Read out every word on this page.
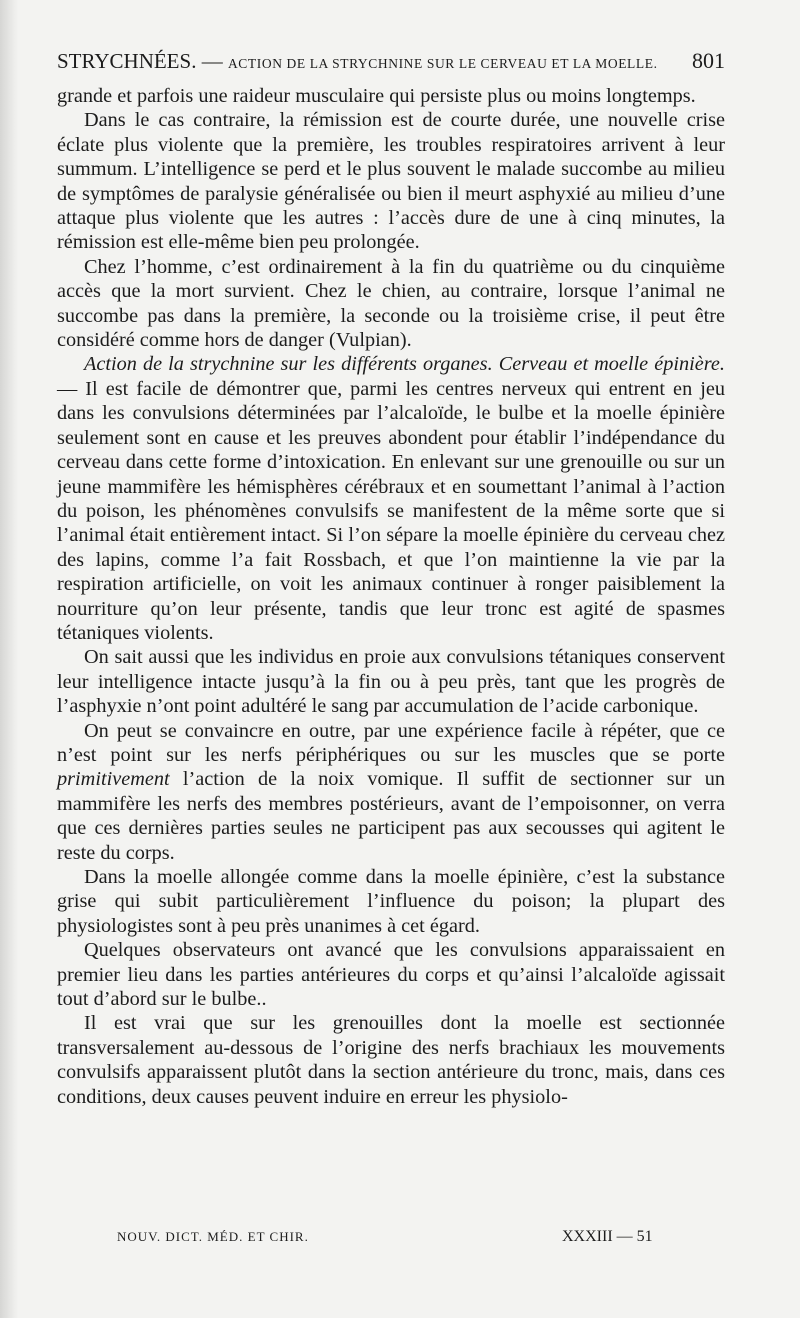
STRYCHNÉES. — ACTION DE LA STRYCHNINE SUR LE CERVEAU ET LA MOELLE. 801

grande et parfois une raideur musculaire qui persiste plus ou moins longtemps.

Dans le cas contraire, la rémission est de courte durée, une nouvelle crise éclate plus violente que la première, les troubles respiratoires arrivent à leur summum. L’intelligence se perd et le plus souvent le malade succombe au milieu de symptômes de paralysie généralisée ou bien il meurt asphyxié au milieu d’une attaque plus violente que les autres : l’accès dure de une à cinq minutes, la rémission est elle-même bien peu prolongée.

Chez l’homme, c’est ordinairement à la fin du quatrième ou du cinquième accès que la mort survient. Chez le chien, au contraire, lorsque l’animal ne succombe pas dans la première, la seconde ou la troisième crise, il peut être considéré comme hors de danger (Vulpian).

Action de la strychnine sur les différents organes. Cerveau et moelle épinière. — Il est facile de démontrer que, parmi les centres nerveux qui entrent en jeu dans les convulsions déterminées par l’alcaloïde, le bulbe et la moelle épinière seulement sont en cause et les preuves abondent pour établir l’indépendance du cerveau dans cette forme d’intoxication. En enlevant sur une grenouille ou sur un jeune mammifère les hémisphères cérébraux et en soumettant l’animal à l’action du poison, les phénomènes convulsifs se manifestent de la même sorte que si l’animal était entièrement intact. Si l’on sépare la moelle épinière du cerveau chez des lapins, comme l’a fait Rossbach, et que l’on maintienne la vie par la respiration artificielle, on voit les animaux continuer à ronger paisiblement la nourriture qu’on leur présente, tandis que leur tronc est agité de spasmes tétaniques violents.

On sait aussi que les individus en proie aux convulsions tétaniques conservent leur intelligence intacte jusqu’à la fin ou à peu près, tant que les progrès de l’asphyxie n’ont point adultéré le sang par accumulation de l’acide carbonique.

On peut se convaincre en outre, par une expérience facile à répéter, que ce n’est point sur les nerfs périphériques ou sur les muscles que se porte primitivement l’action de la noix vomique. Il suffit de sectionner sur un mammifère les nerfs des membres postérieurs, avant de l’empoisonner, on verra que ces dernières parties seules ne participent pas aux secousses qui agitent le reste du corps.

Dans la moelle allongée comme dans la moelle épinière, c’est la substance grise qui subit particulièrement l’influence du poison; la plupart des physiologistes sont à peu près unanimes à cet égard.

Quelques observateurs ont avancé que les convulsions apparaissaient en premier lieu dans les parties antérieures du corps et qu’ainsi l’alcaloïde agissait tout d’abord sur le bulbe..

Il est vrai que sur les grenouilles dont la moelle est sectionnée transversalement au-dessous de l’origine des nerfs brachiaux les mouvements convulsifs apparaissent plutôt dans la section antérieure du tronc, mais, dans ces conditions, deux causes peuvent induire en erreur les physiolo-

NOUV. DICT. MÉD. ET CHIR.	XXXIII — 51
